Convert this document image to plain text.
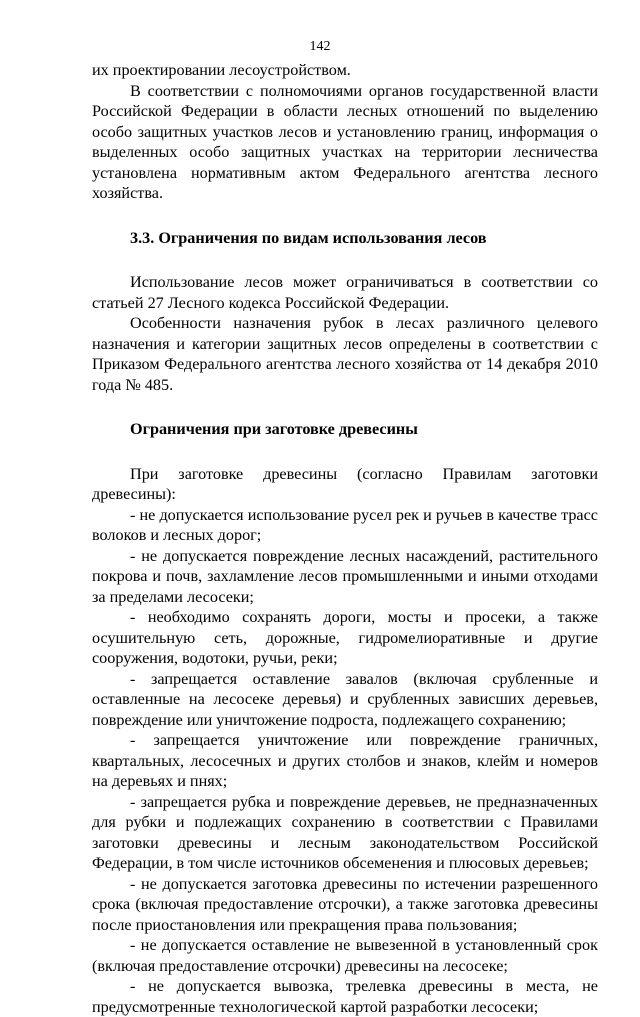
142

их проектировании лесоустройством.

В соответствии с полномочиями органов государственной власти Российской Федерации в области лесных отношений по выделению особо защитных участков лесов и установлению границ, информация о выделенных особо защитных участках на территории лесничества установлена нормативным актом Федерального агентства лесного хозяйства.

3.3. Ограничения по видам использования лесов

Использование лесов может ограничиваться в соответствии со статьей 27 Лесного кодекса Российской Федерации.

Особенности назначения рубок в лесах различного целевого назначения и категории защитных лесов определены в соответствии с Приказом Федерального агентства лесного хозяйства от 14 декабря 2010 года № 485.

Ограничения при заготовке древесины

При заготовке древесины (согласно Правилам заготовки древесины):

- не допускается использование русел рек и ручьев в качестве трасс волоков и лесных дорог;

- не допускается повреждение лесных насаждений, растительного покрова и почв, захламление лесов промышленными и иными отходами за пределами лесосеки;

- необходимо сохранять дороги, мосты и просеки, а также осушительную сеть, дорожные, гидромелиоративные и другие сооружения, водотоки, ручьи, реки;

- запрещается оставление завалов (включая срубленные и оставленные на лесосеке деревья) и срубленных зависших деревьев, повреждение или уничтожение подроста, подлежащего сохранению;

- запрещается уничтожение или повреждение граничных, квартальных, лесосечных и других столбов и знаков, клейм и номеров на деревьях и пнях;

- запрещается рубка и повреждение деревьев, не предназначенных для рубки и подлежащих сохранению в соответствии с Правилами заготовки древесины и лесным законодательством Российской Федерации, в том числе источников обсеменения и плюсовых деревьев;

- не допускается заготовка древесины по истечении разрешенного срока (включая предоставление отсрочки), а также заготовка древесины после приостановления или прекращения права пользования;

- не допускается оставление не вывезенной в установленный срок (включая предоставление отсрочки) древесины на лесосеке;

- не допускается вывозка, трелевка древесины в места, не предусмотренные технологической картой разработки лесосеки;
